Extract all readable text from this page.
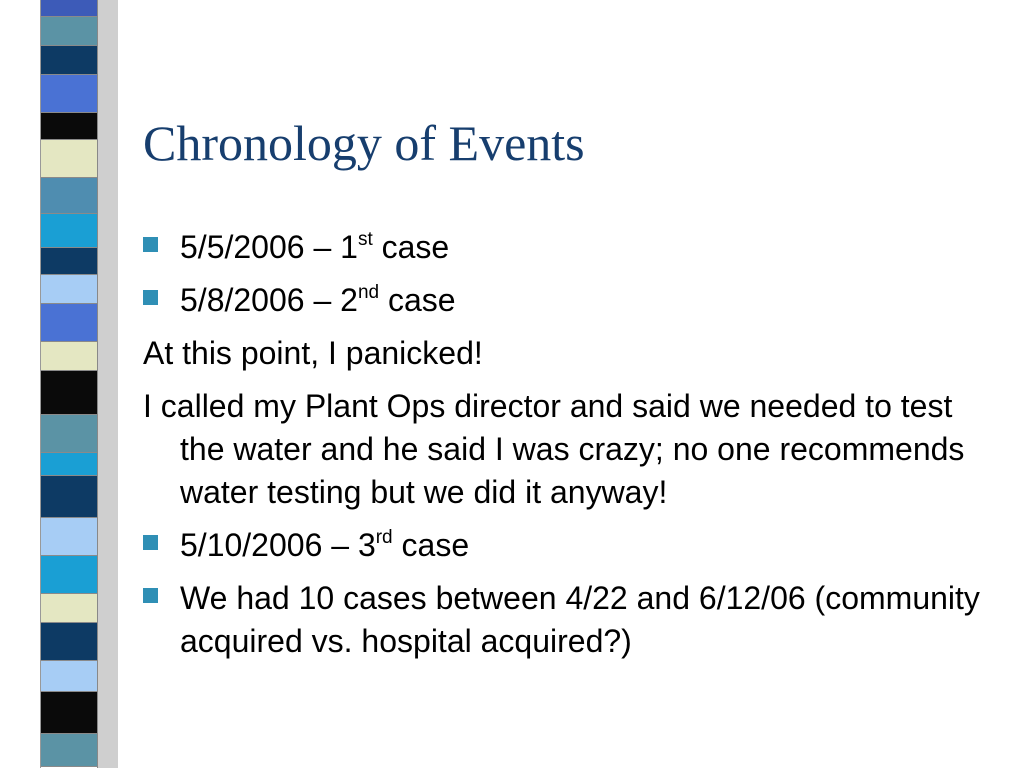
Chronology of Events
5/5/2006 – 1st case
5/8/2006 – 2nd case
At this point, I panicked!
I called my Plant Ops director and said we needed to test the water and he said I was crazy; no one recommends water testing but we did it anyway!
5/10/2006 – 3rd case
We had 10 cases between 4/22 and 6/12/06 (community acquired vs. hospital acquired?)
